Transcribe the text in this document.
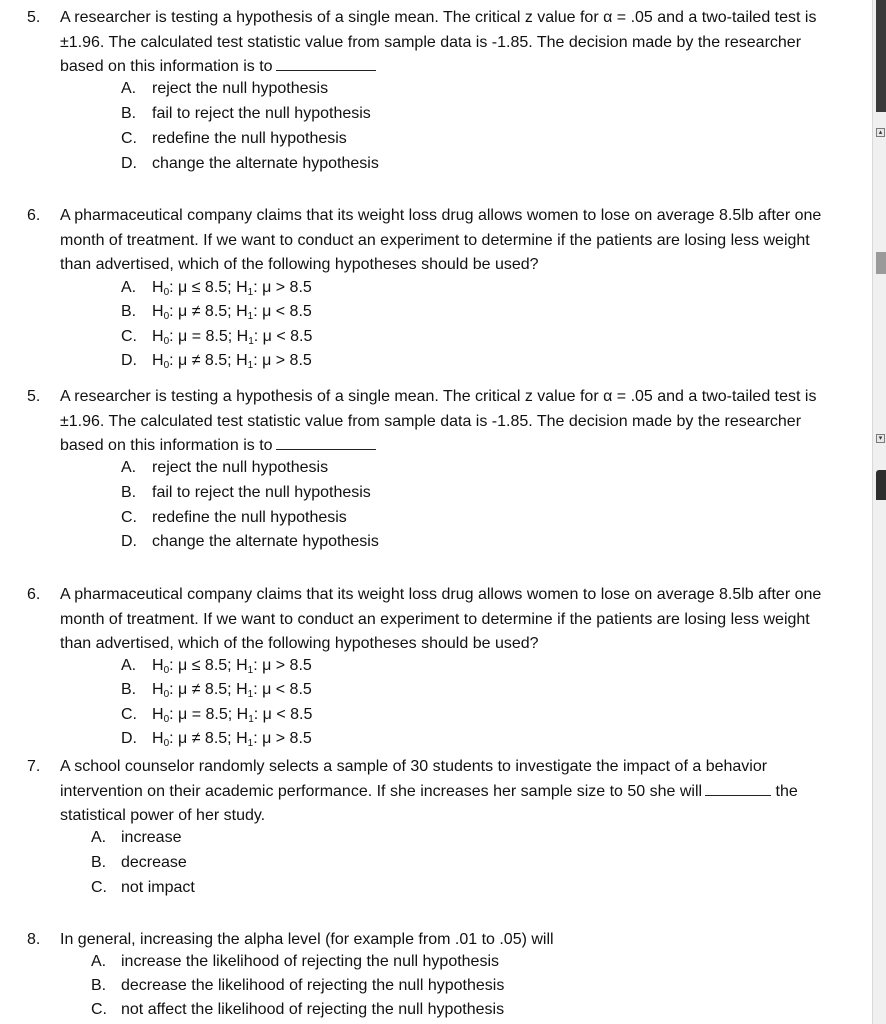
5. A researcher is testing a hypothesis of a single mean. The critical z value for α = .05 and a two-tailed test is ±1.96. The calculated test statistic value from sample data is -1.85. The decision made by the researcher based on this information is to
A. reject the null hypothesis
B. fail to reject the null hypothesis
C. redefine the null hypothesis
D. change the alternate hypothesis
6. A pharmaceutical company claims that its weight loss drug allows women to lose on average 8.5lb after one month of treatment. If we want to conduct an experiment to determine if the patients are losing less weight than advertised, which of the following hypotheses should be used?
A. $H_0$: μ ≤ 8.5; $H_1$: μ > 8.5
B. $H_0$: μ ≠ 8.5; $H_1$: μ < 8.5
C. $H_0$: μ = 8.5; $H_1$: μ < 8.5
D. $H_0$: μ ≠ 8.5; $H_1$: μ > 8.5
5. A researcher is testing a hypothesis of a single mean. The critical z value for α = .05 and a two-tailed test is ±1.96. The calculated test statistic value from sample data is -1.85. The decision made by the researcher based on this information is to
A. reject the null hypothesis
B. fail to reject the null hypothesis
C. redefine the null hypothesis
D. change the alternate hypothesis
6. A pharmaceutical company claims that its weight loss drug allows women to lose on average 8.5lb after one month of treatment. If we want to conduct an experiment to determine if the patients are losing less weight than advertised, which of the following hypotheses should be used?
A. $H_0$: μ ≤ 8.5; $H_1$: μ > 8.5
B. $H_0$: μ ≠ 8.5; $H_1$: μ < 8.5
C. $H_0$: μ = 8.5; $H_1$: μ < 8.5
D. $H_0$: μ ≠ 8.5; $H_1$: μ > 8.5
7. A school counselor randomly selects a sample of 30 students to investigate the impact of a behavior intervention on their academic performance. If she increases her sample size to 50 she will	the statistical power of her study.
A. increase
B. decrease
C. not impact
8. In general, increasing the alpha level (for example from .01 to .05) will
A. increase the likelihood of rejecting the null hypothesis
B. decrease the likelihood of rejecting the null hypothesis
C. not affect the likelihood of rejecting the null hypothesis
▴
▾
